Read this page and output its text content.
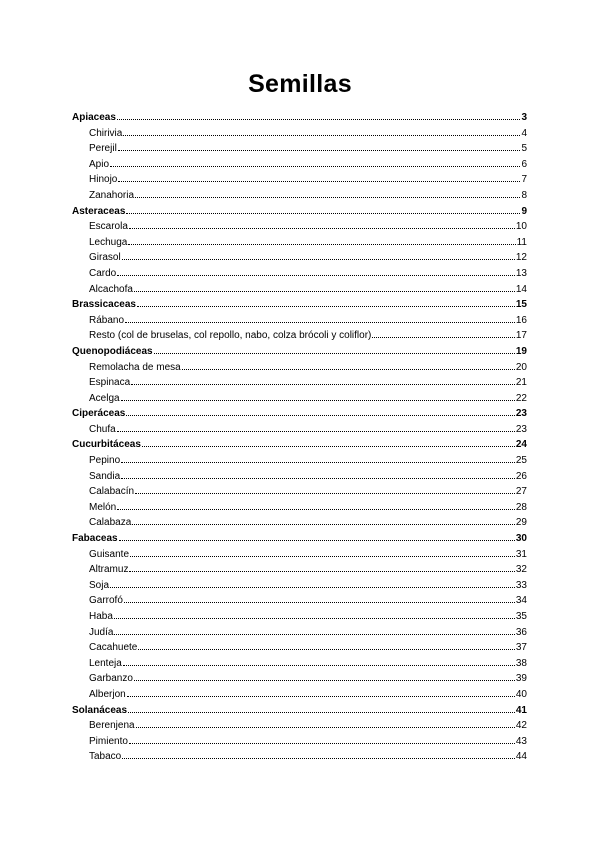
Semillas
Apiaceas	3
Chirivia	4
Perejil	5
Apio	6
Hinojo	7
Zanahoria	8
Asteraceas	9
Escarola	10
Lechuga	11
Girasol	12
Cardo	13
Alcachofa	14
Brassicaceas	15
Rábano	16
Resto (col de bruselas, col repollo, nabo, colza brócoli y coliflor)	17
Quenopodiáceas	19
Remolacha de mesa	20
Espinaca	21
Acelga	22
Ciperáceas	23
Chufa	23
Cucurbitáceas	24
Pepino	25
Sandia	26
Calabacín	27
Melón	28
Calabaza	29
Fabaceas	30
Guisante	31
Altramuz	32
Soja	33
Garrofó	34
Haba	35
Judía	36
Cacahuete	37
Lenteja	38
Garbanzo	39
Alberjon	40
Solanáceas	41
Berenjena	42
Pimiento	43
Tabaco	44
